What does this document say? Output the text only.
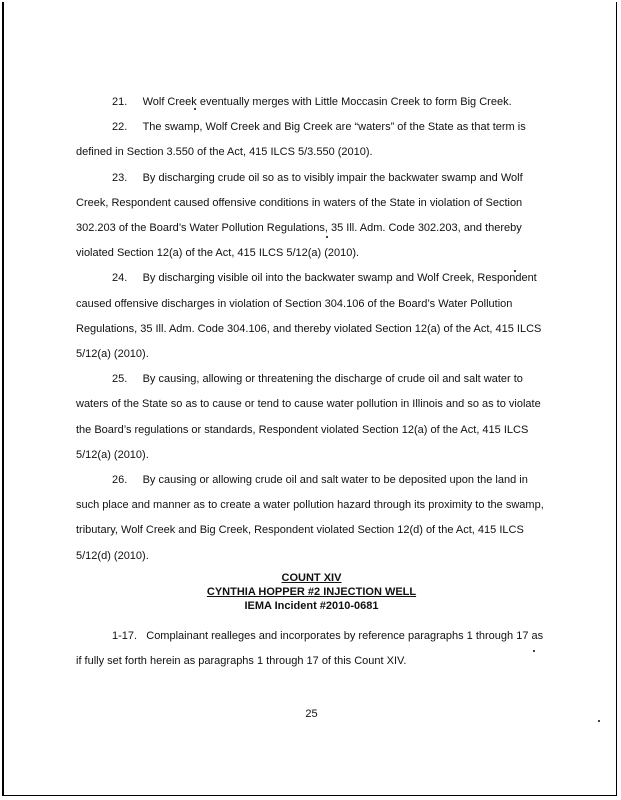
21. Wolf Creek eventually merges with Little Moccasin Creek to form Big Creek.

22. The swamp, Wolf Creek and Big Creek are “waters” of the State as that term is defined in Section 3.550 of the Act, 415 ILCS 5/3.550 (2010).

23. By discharging crude oil so as to visibly impair the backwater swamp and Wolf Creek, Respondent caused offensive conditions in waters of the State in violation of Section 302.203 of the Board’s Water Pollution Regulations, 35 Ill. Adm. Code 302.203, and thereby violated Section 12(a) of the Act, 415 ILCS 5/12(a) (2010).

24. By discharging visible oil into the backwater swamp and Wolf Creek, Respondent caused offensive discharges in violation of Section 304.106 of the Board’s Water Pollution Regulations, 35 Ill. Adm. Code 304.106, and thereby violated Section 12(a) of the Act, 415 ILCS 5/12(a) (2010).

25. By causing, allowing or threatening the discharge of crude oil and salt water to waters of the State so as to cause or tend to cause water pollution in Illinois and so as to violate the Board’s regulations or standards, Respondent violated Section 12(a) of the Act, 415 ILCS 5/12(a) (2010).

26. By causing or allowing crude oil and salt water to be deposited upon the land in such place and manner as to create a water pollution hazard through its proximity to the swamp, tributary, Wolf Creek and Big Creek, Respondent violated Section 12(d) of the Act, 415 ILCS 5/12(d) (2010).

COUNT XIV
CYNTHIA HOPPER #2 INJECTION WELL
IEMA Incident #2010-0681

1-17. Complainant realleges and incorporates by reference paragraphs 1 through 17 as if fully set forth herein as paragraphs 1 through 17 of this Count XIV.

25
